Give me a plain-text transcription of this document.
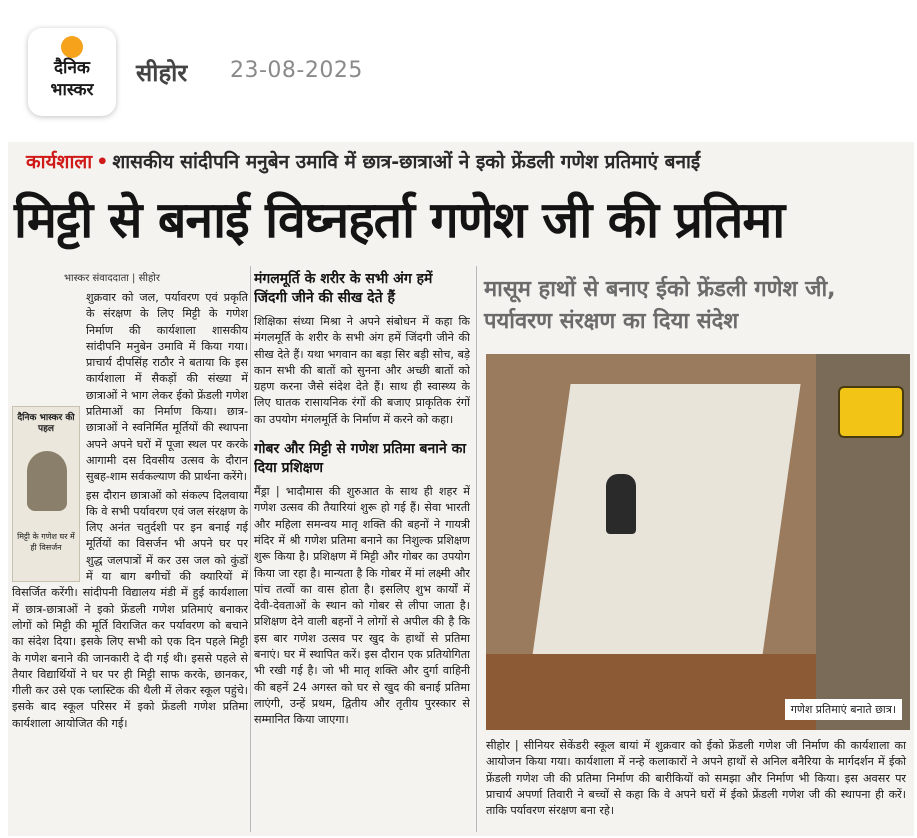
दैनिक
भास्कर
सीहोर 23-08-2025
कार्यशाला • शासकीय सांदीपनि मनुबेन उमावि में छात्र-छात्राओं ने इको फ्रेंडली गणेश प्रतिमाएं बनाईं
मिट्टी से बनाई विघ्नहर्ता गणेश जी की प्रतिमा
भास्कर संवाददाता | सीहोर
दैनिक भास्कर की पहल
मिट्टी के गणेश घर में ही विसर्जन

शुक्रवार को जल, पर्यावरण एवं प्रकृति के संरक्षण के लिए मिट्टी के गणेश निर्माण की कार्यशाला शासकीय सांदीपनि मनुबेन उमावि में किया गया। प्राचार्य दीपसिंह राठौर ने बताया कि इस कार्यशाला में सैकड़ों की संख्या में छात्राओं ने भाग लेकर ईको फ्रेंडली गणेश प्रतिमाओं का निर्माण किया। छात्र-छात्राओं ने स्वनिर्मित मूर्तियों की स्थापना अपने अपने घरों में पूजा स्थल पर करके आगामी दस दिवसीय उत्सव के दौरान सुबह-शाम सर्वकल्याण की प्रार्थना करेंगे।

इस दौरान छात्राओं को संकल्प दिलवाया कि वे सभी पर्यावरण एवं जल संरक्षण के लिए अनंत चतुर्दशी पर इन बनाई गई मूर्तियों का विसर्जन भी अपने घर पर शुद्ध जलपात्रों में कर उस जल को कुंडों में या बाग बगीचों की क्यारियों में विसर्जित करेंगी। सांदीपनी विद्यालय मंडी में हुई कार्यशाला में छात्र-छात्राओं ने इको फ्रेंडली गणेश प्रतिमाएं बनाकर लोगों को मिट्टी की मूर्ति विराजित कर पर्यावरण को बचाने का संदेश दिया। इसके लिए सभी को एक दिन पहले मिट्टी के गणेश बनाने की जानकारी दे दी गई थी। इससे पहले से तैयार विद्यार्थियों ने घर पर ही मिट्टी साफ करके, छानकर, गीली कर उसे एक प्लास्टिक की थैली में लेकर स्कूल पहुंचे। इसके बाद स्कूल परिसर में इको फ्रेंडली गणेश प्रतिमा कार्यशाला आयोजित की गई।

मंगलमूर्ति के शरीर के सभी अंग हमें जिंदगी जीने की सीख देते हैं

शिक्षिका संध्या मिश्रा ने अपने संबोधन में कहा कि मंगलमूर्ति के शरीर के सभी अंग हमें जिंदगी जीने की सीख देते हैं। यथा भगवान का बड़ा सिर बड़ी सोच, बड़े कान सभी की बातों को सुनना और अच्छी बातों को ग्रहण करना जैसे संदेश देते हैं। साथ ही स्वास्थ्य के लिए घातक रासायनिक रंगों की बजाए प्राकृतिक रंगों का उपयोग मंगलमूर्ति के निर्माण में करने को कहा।

गोबर और मिट्टी से गणेश प्रतिमा बनाने का दिया प्रशिक्षण

मैंड्रा | भादौमास की शुरुआत के साथ ही शहर में गणेश उत्सव की तैयारियां शुरू हो गई हैं। सेवा भारती और महिला समन्वय मातृ शक्ति की बहनों ने गायत्री मंदिर में श्री गणेश प्रतिमा बनाने का निशुल्क प्रशिक्षण शुरू किया है। प्रशिक्षण में मिट्टी और गोबर का उपयोग किया जा रहा है। मान्यता है कि गोबर में मां लक्ष्मी और पांच तत्वों का वास होता है। इसलिए शुभ कार्यों में देवी-देवताओं के स्थान को गोबर से लीपा जाता है। प्रशिक्षण देने वाली बहनों ने लोगों से अपील की है कि इस बार गणेश उत्सव पर खुद के हाथों से प्रतिमा बनाएं। घर में स्थापित करें। इस दौरान एक प्रतियोगिता भी रखी गई है। जो भी मातृ शक्ति और दुर्गा वाहिनी की बहनें 24 अगस्त को घर से खुद की बनाई प्रतिमा लाएंगी, उन्हें प्रथम, द्वितीय और तृतीय पुरस्कार से सम्मानित किया जाएगा।

मासूम हाथों से बनाए ईको फ्रेंडली गणेश जी, पर्यावरण संरक्षण का दिया संदेश
गणेश प्रतिमाएं बनाते छात्र।
सीहोर | सीनियर सेकेंडरी स्कूल बायां में शुक्रवार को ईको फ्रेंडली गणेश जी निर्माण की कार्यशाला का आयोजन किया गया। कार्यशाला में नन्हे कलाकारों ने अपने हाथों से अनिल बनैरिया के मार्गदर्शन में ईको फ्रेंडली गणेश जी की प्रतिमा निर्माण की बारीकियों को समझा और निर्माण भी किया। इस अवसर पर प्राचार्य अपर्णा तिवारी ने बच्चों से कहा कि वे अपने घरों में ईको फ्रेंडली गणेश जी की स्थापना ही करें। ताकि पर्यावरण संरक्षण बना रहे।
